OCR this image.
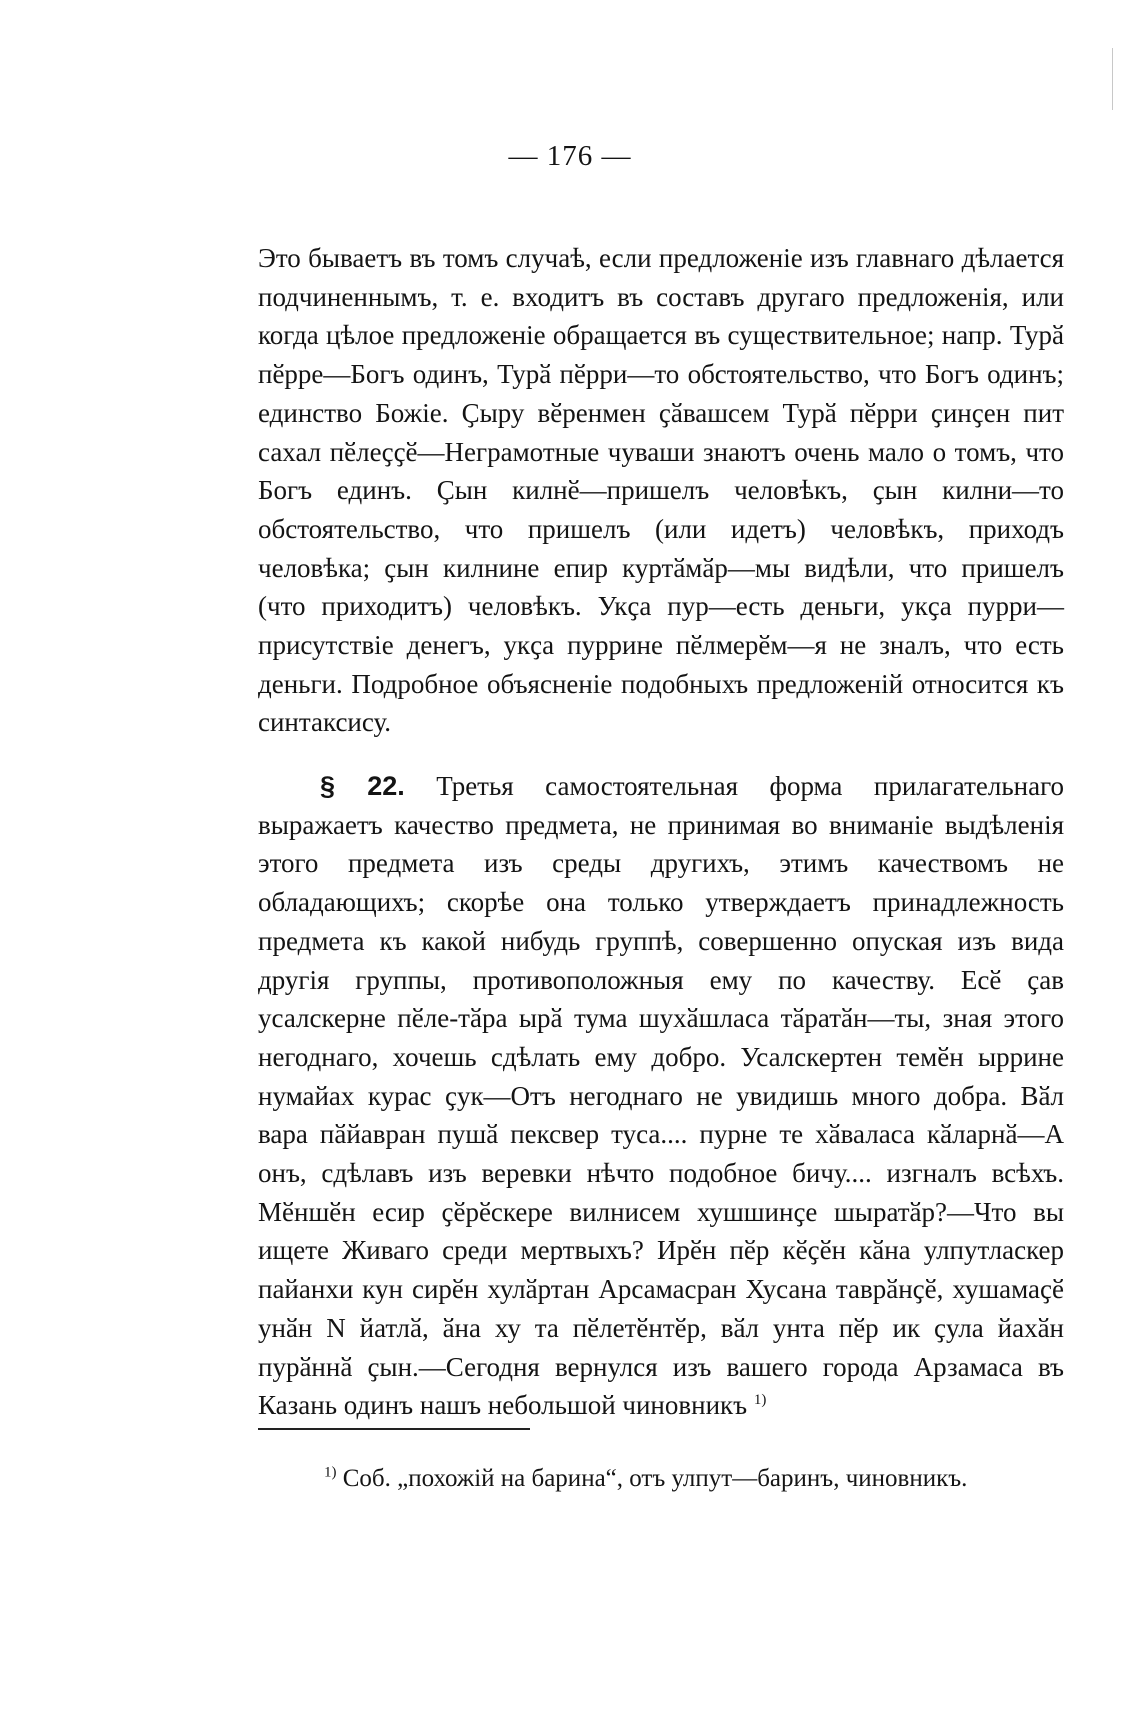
— 176 —

Это бываетъ въ томъ случаѣ, если предложеніе изъ главнаго дѣлается подчиненнымъ, т. е. входитъ въ составъ другаго предложенія, или когда цѣлое предложеніе обращается въ существительное; напр. Турӑ пӗрре—Богъ одинъ, Турӑ пӗрри—то обстоятельство, что Богъ одинъ; единство Божіе. Ҫыру вӗренмен ҫӑвашсем Турӑ пӗрри ҫинҫен пит сахал пӗлеҫҫӗ—Неграмотные чуваши знаютъ очень мало о томъ, что Богъ единъ. Ҫын килнӗ—пришелъ человѣкъ, ҫын килни—то обстоятельство, что пришелъ (или идетъ) человѣкъ, приходъ человѣка; ҫын килнине епир куртӑмӑр—мы видѣли, что пришелъ (что приходитъ) человѣкъ. Укҫа пур—есть деньги, укҫа пурри—присутствіе денегъ, укҫа пуррине пӗлмерӗм—я не зналъ, что есть деньги. Подробное объясненіе подобныхъ предложеній относится къ синтаксису.

§ 22. Третья самостоятельная форма прилагательнаго выражаетъ качество предмета, не принимая во вниманіе выдѣленія этого предмета изъ среды другихъ, этимъ качествомъ не обладающихъ; скорѣе она только утверждаетъ принадлежность предмета къ какой нибудь группѣ, совершенно опуская изъ вида другія группы, противоположныя ему по качеству. Есӗ ҫав усалскерне пӗле-тӑра ырӑ тума шухӑшласа тӑратӑн—ты, зная этого негоднаго, хочешь сдѣлать ему добро. Усалскертен темӗн ыррине нумайах курас ҫук—Отъ негоднаго не увидишь много добра. Вӑл вара пӑйавран пушӑ пексвер туса.... пурне те хӑваласа кӑларнӑ—А онъ, сдѣлавъ изъ веревки нѣчто подобное бичу.... изгналъ всѣхъ. Мӗншӗн есир ҫӗрӗскере вилнисем хушшинҫе шыратӑр?—Что вы ищете Живаго среди мертвыхъ? Ирӗн пӗр кӗҫӗн кӑна улпутласкер пайанхи кун сирӗн хулӑртан Арсамасран Хусана таврӑнҫӗ, хушамаҫӗ унӑн N йатлӑ, ӑна ху та пӗлетӗнтӗр, вӑл унта пӗр ик ҫула йахӑн пурӑннӑ ҫын.—Сегодня вернулся изъ вашего города Арзамаса въ Казань одинъ нашъ небольшой чиновникъ $^{1)}$

$^{1)}$ Соб. „похожій на барина“, отъ улпут—баринъ, чиновникъ.
